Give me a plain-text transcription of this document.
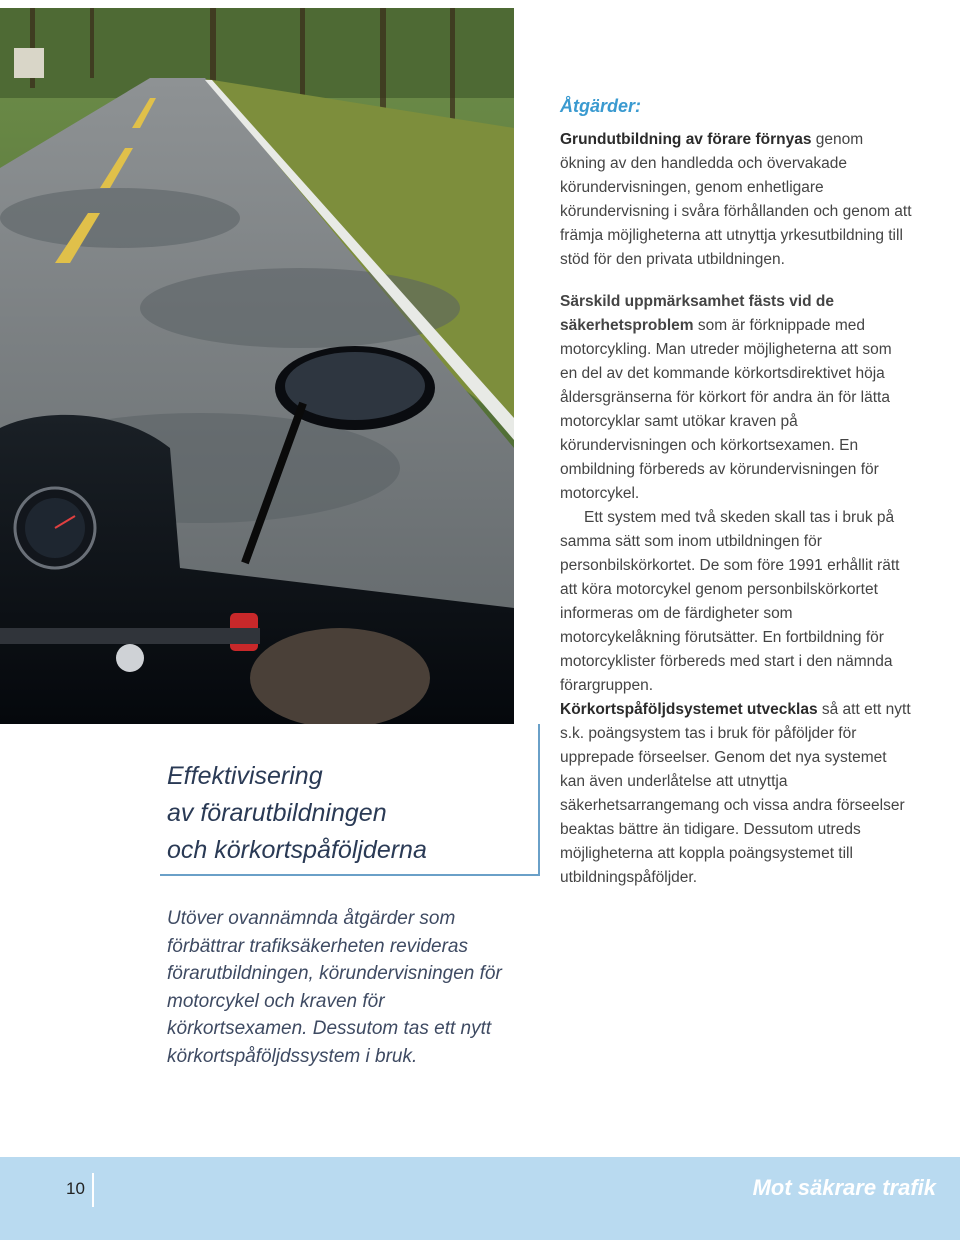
Effektivisering
av förarutbildningen
och körkortspåföljderna
Utöver ovannämnda åtgärder som förbättrar trafiksäkerheten revideras förarutbildningen, körundervisningen för motorcykel och kraven för körkortsexamen. Dessutom tas ett nytt körkortspåföljdssystem i bruk.
Åtgärder:

Grundutbildning av förare förnyas genom ökning av den handledda och övervakade körundervisningen, genom enhetligare körundervisning i svåra förhållanden och genom att främja möjligheterna att utnyttja yrkesutbildning till stöd för den privata utbildningen.

Särskild uppmärksamhet fästs vid de säkerhetsproblem som är förknippade med motorcykling. Man utreder möjligheterna att som en del av det kommande körkortsdirektivet höja åldersgränserna för körkort för andra än för lätta motorcyklar samt utökar kraven på körundervisningen och körkortsexamen. En ombildning förbereds av körundervisningen för motorcykel.

Ett system med två skeden skall tas i bruk på samma sätt som inom utbildningen för personbilskörkortet. De som före 1991 erhållit rätt att köra motorcykel genom personbilskörkortet informeras om de färdigheter som motorcykelåkning förutsätter. En fortbildning för motorcyklister förbereds med start i den nämnda förargruppen.

Körkortspåföljdsystemet utvecklas så att ett nytt s.k. poängsystem tas i bruk för påföljder för upprepade förseelser. Genom det nya systemet kan även underlåtelse att utnyttja säkerhetsarrangemang och vissa andra förseelser beaktas bättre än tidigare. Dessutom utreds möjligheterna att koppla poängsystemet till utbildningspåföljder.

10	Mot säkrare trafik
